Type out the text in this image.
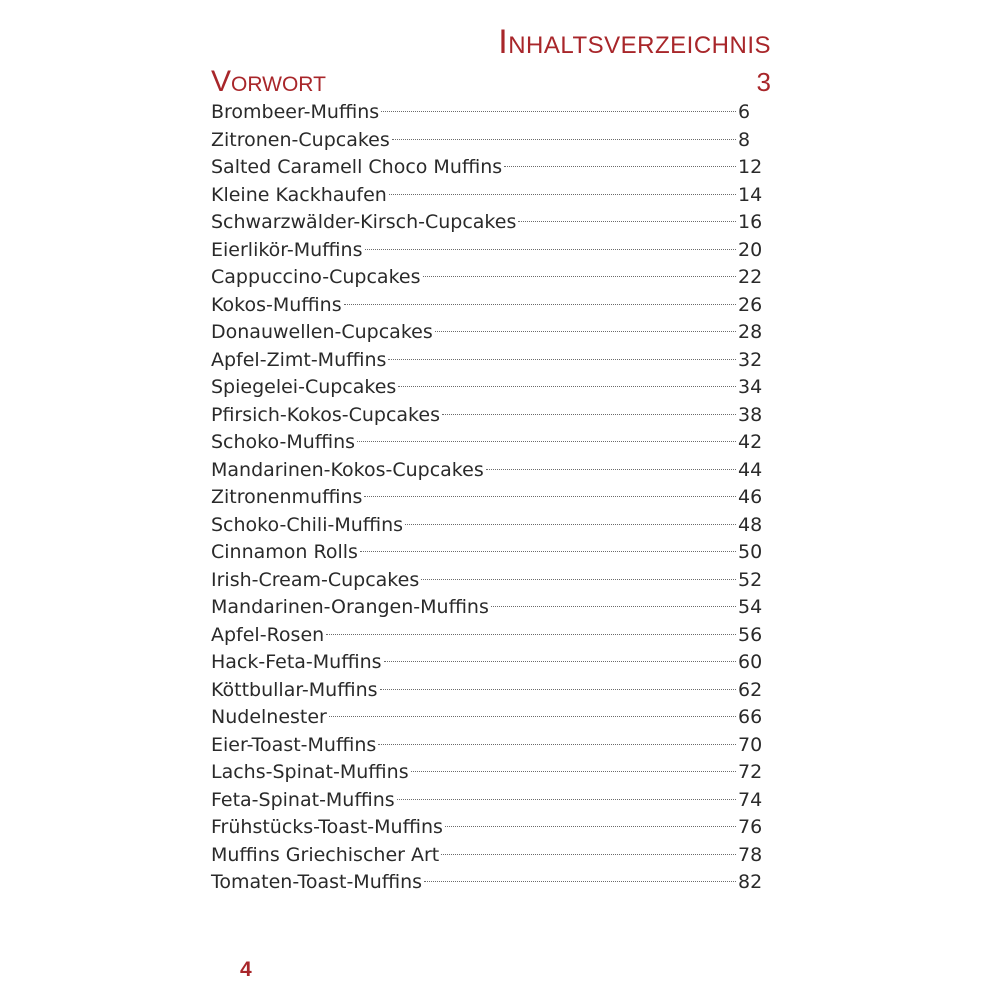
Inhaltsverzeichnis
Vorwort	3
Brombeer-Muffins	6
Zitronen-Cupcakes	8
Salted Caramell Choco Muffins	12
Kleine Kackhaufen	14
Schwarzwälder-Kirsch-Cupcakes	16
Eierlikör-Muffins	20
Cappuccino-Cupcakes	22
Kokos-Muffins	26
Donauwellen-Cupcakes	28
Apfel-Zimt-Muffins	32
Spiegelei-Cupcakes	34
Pfirsich-Kokos-Cupcakes	38
Schoko-Muffins	42
Mandarinen-Kokos-Cupcakes	44
Zitronenmuffins	46
Schoko-Chili-Muffins	48
Cinnamon Rolls	50
Irish-Cream-Cupcakes	52
Mandarinen-Orangen-Muffins	54
Apfel-Rosen	56
Hack-Feta-Muffins	60
Köttbullar-Muffins	62
Nudelnester	66
Eier-Toast-Muffins	70
Lachs-Spinat-Muffins	72
Feta-Spinat-Muffins	74
Frühstücks-Toast-Muffins	76
Muffins Griechischer Art	78
Tomaten-Toast-Muffins	82
4
